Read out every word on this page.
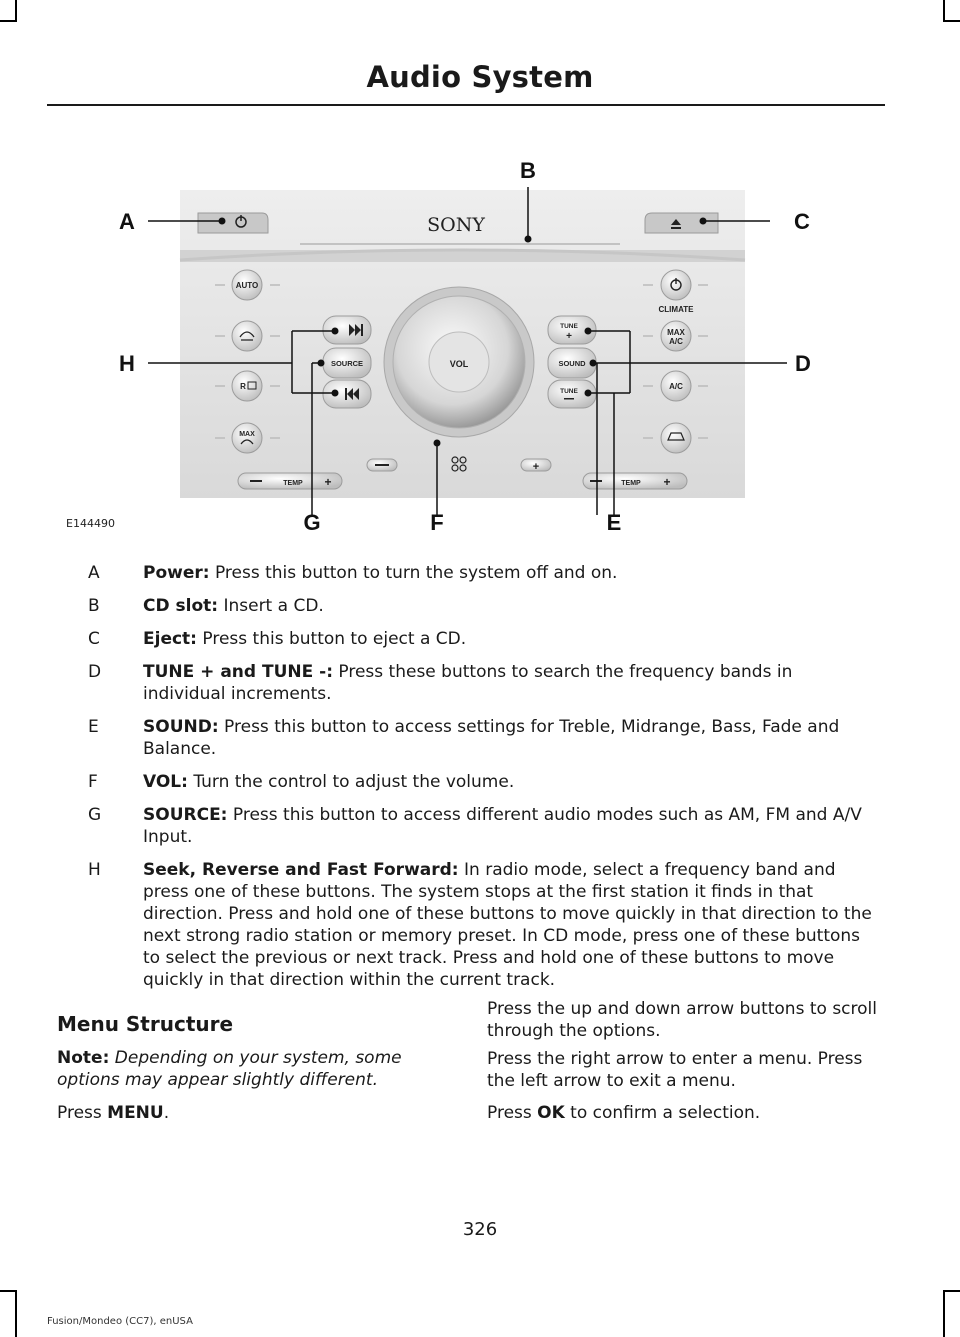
Audio System
SONY
AUTO
R
MAX
CLIMATE
MAX
A/C
A/C
SOURCE
TUNE
+
SOUND
TUNE
VOL
+
TEMP +	TEMP +
A
B
C
D
H
G	F	E
E144490
A	Power: Press this button to turn the system off and on.
B	CD slot: Insert a CD.
C	Eject: Press this button to eject a CD.
D	TUNE + and TUNE -: Press these buttons to search the frequency bands in individual increments.
E	SOUND: Press this button to access settings for Treble, Midrange, Bass, Fade and Balance.
F	VOL: Turn the control to adjust the volume.
G	SOURCE: Press this button to access different audio modes such as AM, FM and A/V Input.
H	Seek, Reverse and Fast Forward: In radio mode, select a frequency band and press one of these buttons. The system stops at the first station it finds in that direction. Press and hold one of these buttons to move quickly in that direction to the next strong radio station or memory preset. In CD mode, press one of these buttons to select the previous or next track. Press and hold one of these buttons to move quickly in that direction within the current track.
Menu Structure
Note: Depending on your system, some options may appear slightly different.
Press MENU.
Press the up and down arrow buttons to scroll through the options.
Press the right arrow to enter a menu. Press the left arrow to exit a menu.
Press OK to confirm a selection.
326
Fusion/Mondeo (CC7), enUSA
